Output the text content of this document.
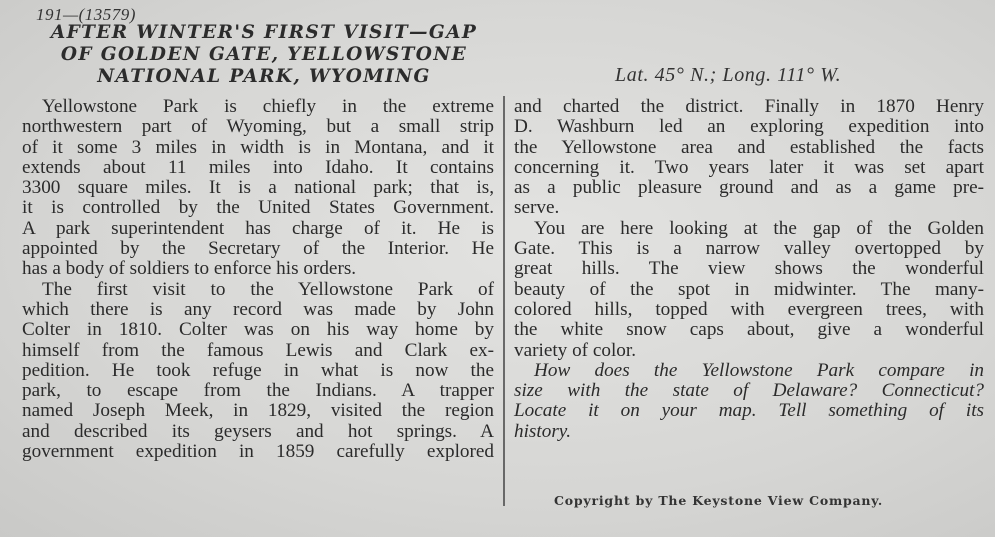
191—(13579)
AFTER WINTER'S FIRST VISIT—GAP
OF GOLDEN GATE, YELLOWSTONE
NATIONAL PARK, WYOMING	Lat. 45° N.; Long. 111° W.
Yellowstone Park is chiefly in the extreme
northwestern part of Wyoming, but a small strip
of it some 3 miles in width is in Montana, and it
extends about 11 miles into Idaho. It contains
3300 square miles. It is a national park; that is,
it is controlled by the United States Government.
A park superintendent has charge of it. He is
appointed by the Secretary of the Interior. He
has a body of soldiers to enforce his orders.
The first visit to the Yellowstone Park of
which there is any record was made by John
Colter in 1810. Colter was on his way home by
himself from the famous Lewis and Clark ex-
pedition. He took refuge in what is now the
park, to escape from the Indians. A trapper
named Joseph Meek, in 1829, visited the region
and described its geysers and hot springs. A
government expedition in 1859 carefully explored
and charted the district. Finally in 1870 Henry
D. Washburn led an exploring expedition into
the Yellowstone area and established the facts
concerning it. Two years later it was set apart
as a public pleasure ground and as a game pre-
serve.
You are here looking at the gap of the Golden
Gate. This is a narrow valley overtopped by
great hills. The view shows the wonderful
beauty of the spot in midwinter. The many-
colored hills, topped with evergreen trees, with
the white snow caps about, give a wonderful
variety of color.
How does the Yellowstone Park compare in
size with the state of Delaware? Connecticut?
Locate it on your map. Tell something of its
history.
Copyright by The Keystone View Company.
